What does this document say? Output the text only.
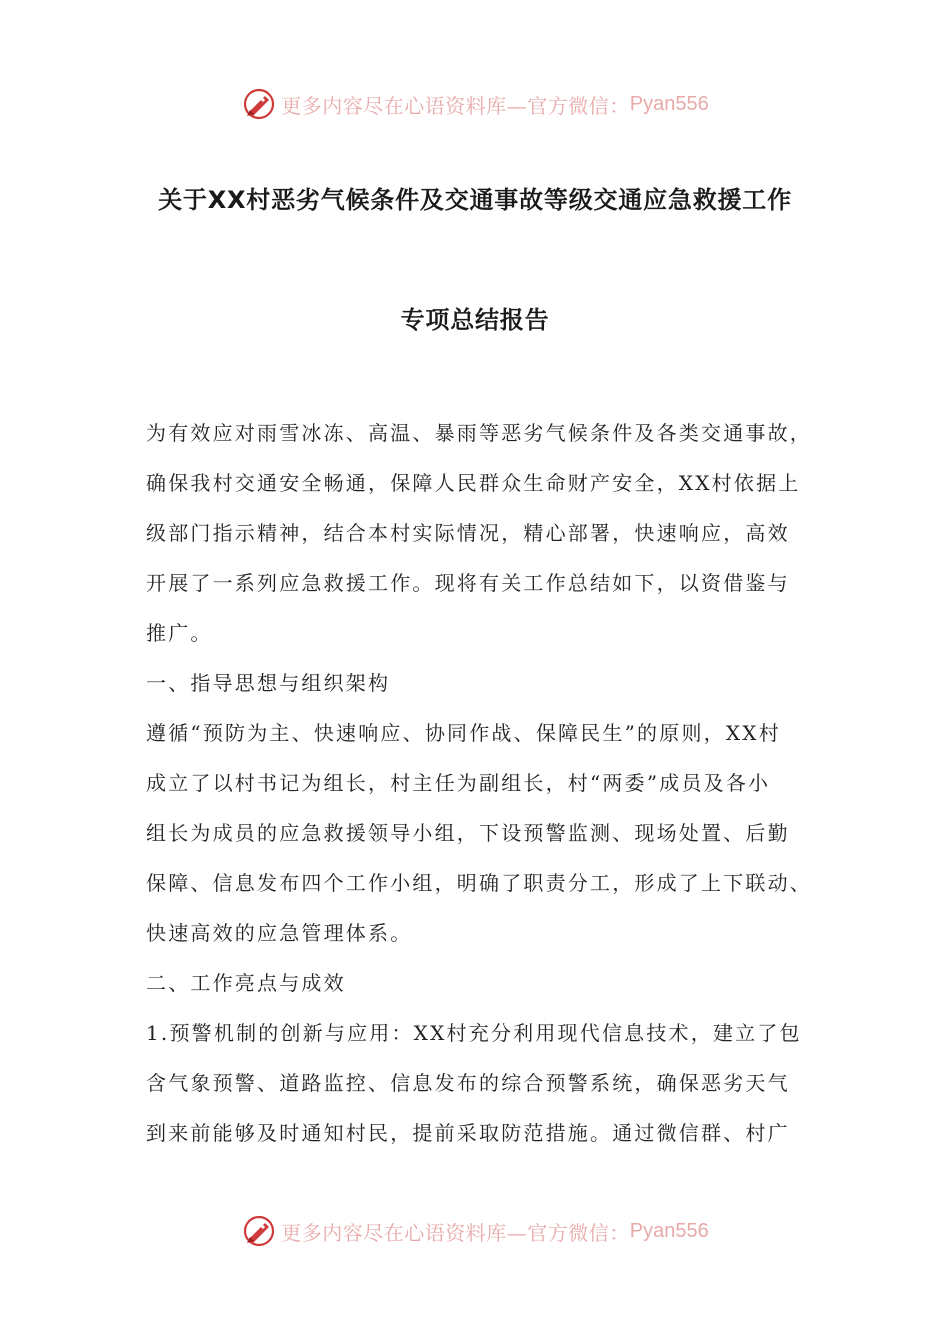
更多内容尽在心语资料库—官方微信： Pyan556
关于XX村恶劣气候条件及交通事故等级交通应急救援工作
专项总结报告
为有效应对雨雪冰冻、高温、暴雨等恶劣气候条件及各类交通事故，
确保我村交通安全畅通，保障人民群众生命财产安全，XX村依据上
级部门指示精神，结合本村实际情况，精心部署，快速响应，高效
开展了一系列应急救援工作。现将有关工作总结如下，以资借鉴与
推广。
一、指导思想与组织架构
遵循“预防为主、快速响应、协同作战、保障民生”的原则，XX村
成立了以村书记为组长，村主任为副组长，村“两委”成员及各小
组长为成员的应急救援领导小组，下设预警监测、现场处置、后勤
保障、信息发布四个工作小组，明确了职责分工，形成了上下联动、
快速高效的应急管理体系。
二、工作亮点与成效
1.预警机制的创新与应用：XX村充分利用现代信息技术，建立了包
含气象预警、道路监控、信息发布的综合预警系统，确保恶劣天气
到来前能够及时通知村民，提前采取防范措施。通过微信群、村广
更多内容尽在心语资料库—官方微信： Pyan556
